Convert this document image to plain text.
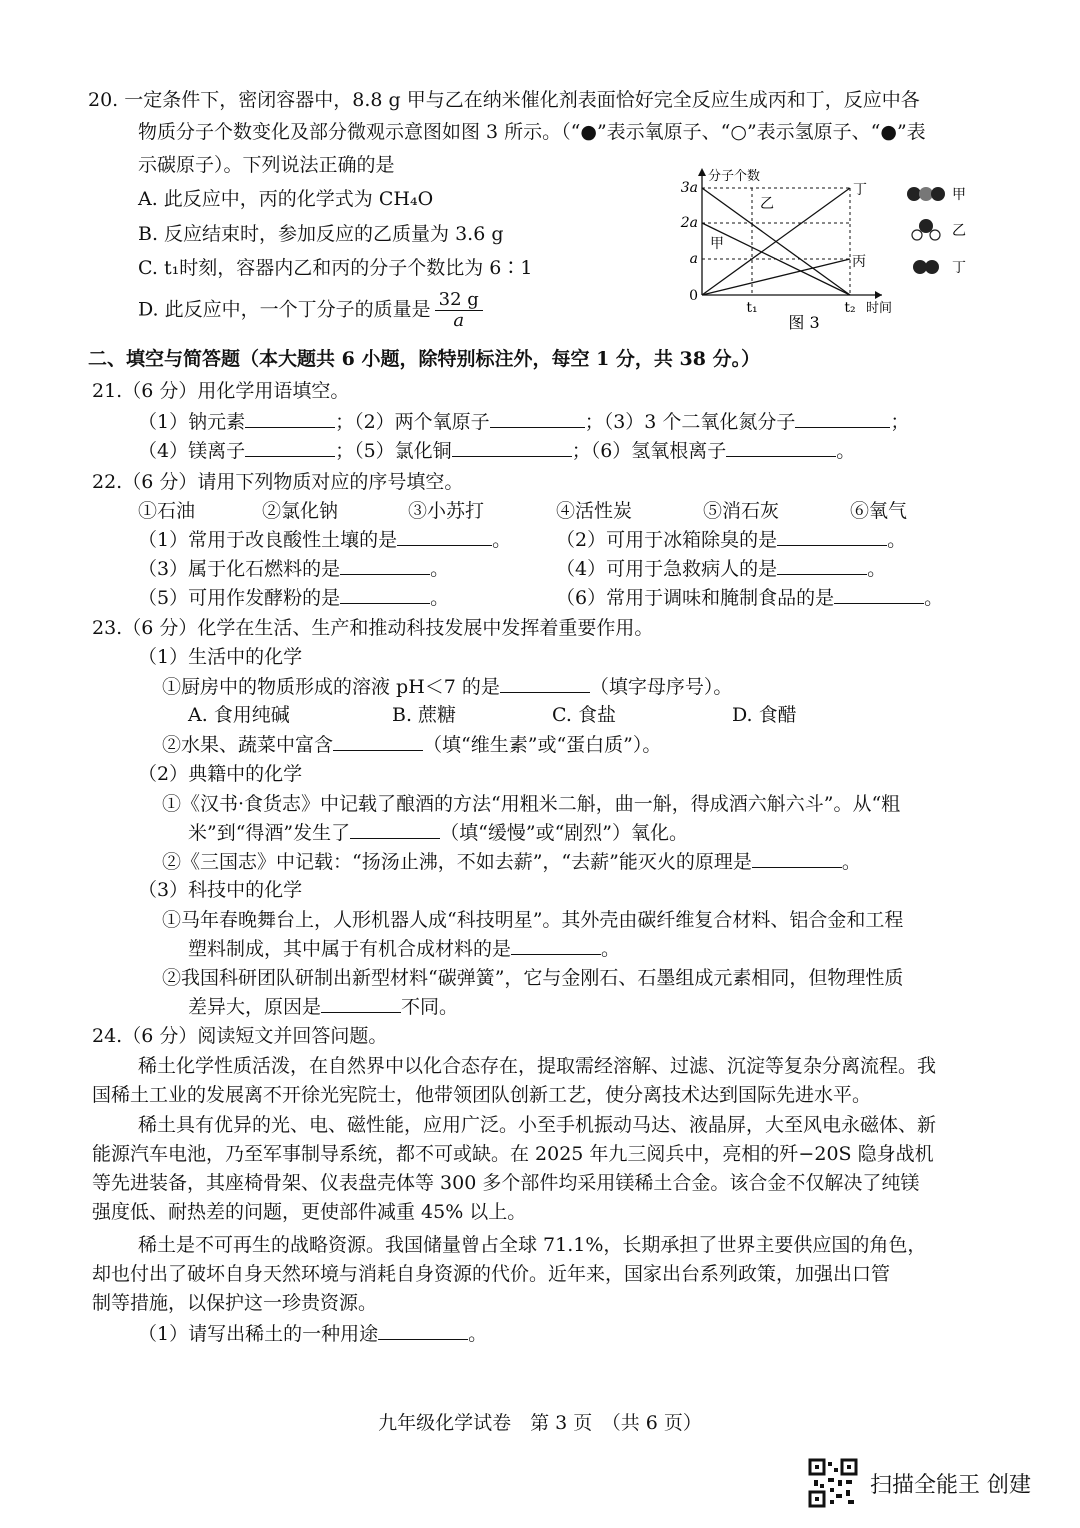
20. 一定条件下，密闭容器中，8.8 g 甲与乙在纳米催化剂表面恰好完全反应生成丙和丁，反应中各
物质分子个数变化及部分微观示意图如图 3 所示。（“●”表示氧原子、“○”表示氢原子、“●”表
示碳原子）。下列说法正确的是
A. 此反应中，丙的化学式为 CH₄O
B. 反应结束时，参加反应的乙质量为 3.6 g
C. t₁时刻，容器内乙和丙的分子个数比为 6∶1
D. 此反应中，一个丁分子的质量是 $\frac{32 g}{a}$
3a
2a
a
0
t₁	t₂
分子个数
时间
乙
甲
丁
丙
图 3
甲
乙
丁
二、填空与简答题（本大题共 6 小题，除特别标注外，每空 1 分，共 38 分。）
21.（6 分）用化学用语填空。
（1）钠元素	；（2）两个氧原子	；（3）3 个二氧化氮分子	；
（4）镁离子	；（5）氯化铜	；（6）氢氧根离子	。
22.（6 分）请用下列物质对应的序号填空。
①石油	②氯化钠	③小苏打	④活性炭	⑤消石灰	⑥氧气
（1）常用于改良酸性土壤的是	。 （2）可用于冰箱除臭的是	。
（3）属于化石燃料的是	。	（4）可用于急救病人的是	。
（5）可用作发酵粉的是	。	（6）常用于调味和腌制食品的是	。
23.（6 分）化学在生活、生产和推动科技发展中发挥着重要作用。
（1）生活中的化学
①厨房中的物质形成的溶液 pH＜7 的是	（填字母序号）。
A. 食用纯碱	B. 蔗糖	C. 食盐	D. 食醋
②水果、蔬菜中富含	（填“维生素”或“蛋白质”）。
（2）典籍中的化学
①《汉书·食货志》中记载了酿酒的方法“用粗米二斛，曲一斛，得成酒六斛六斗”。从“粗
米”到“得酒”发生了	（填“缓慢”或“剧烈”）氧化。
②《三国志》中记载：“扬汤止沸，不如去薪”，“去薪”能灭火的原理是	。
（3）科技中的化学
①马年春晚舞台上，人形机器人成“科技明星”。其外壳由碳纤维复合材料、铝合金和工程
塑料制成，其中属于有机合成材料的是	。
②我国科研团队研制出新型材料“碳弹簧”，它与金刚石、石墨组成元素相同，但物理性质
差异大，原因是	不同。
24.（6 分）阅读短文并回答问题。
稀土化学性质活泼，在自然界中以化合态存在，提取需经溶解、过滤、沉淀等复杂分离流程。我
国稀土工业的发展离不开徐光宪院士，他带领团队创新工艺，使分离技术达到国际先进水平。
稀土具有优异的光、电、磁性能，应用广泛。小至手机振动马达、液晶屏，大至风电永磁体、新
能源汽车电池，乃至军事制导系统，都不可或缺。在 2025 年九三阅兵中，亮相的歼−20S 隐身战机
等先进装备，其座椅骨架、仪表盘壳体等 300 多个部件均采用镁稀土合金。该合金不仅解决了纯镁
强度低、耐热差的问题，更使部件减重 45% 以上。
稀土是不可再生的战略资源。我国储量曾占全球 71.1%，长期承担了世界主要供应国的角色，
却也付出了破坏自身天然环境与消耗自身资源的代价。近年来，国家出台系列政策，加强出口管
制等措施，以保护这一珍贵资源。
（1）请写出稀土的一种用途	。
九年级化学试卷　第 3 页　（共 6 页）
扫描全能王 创建
